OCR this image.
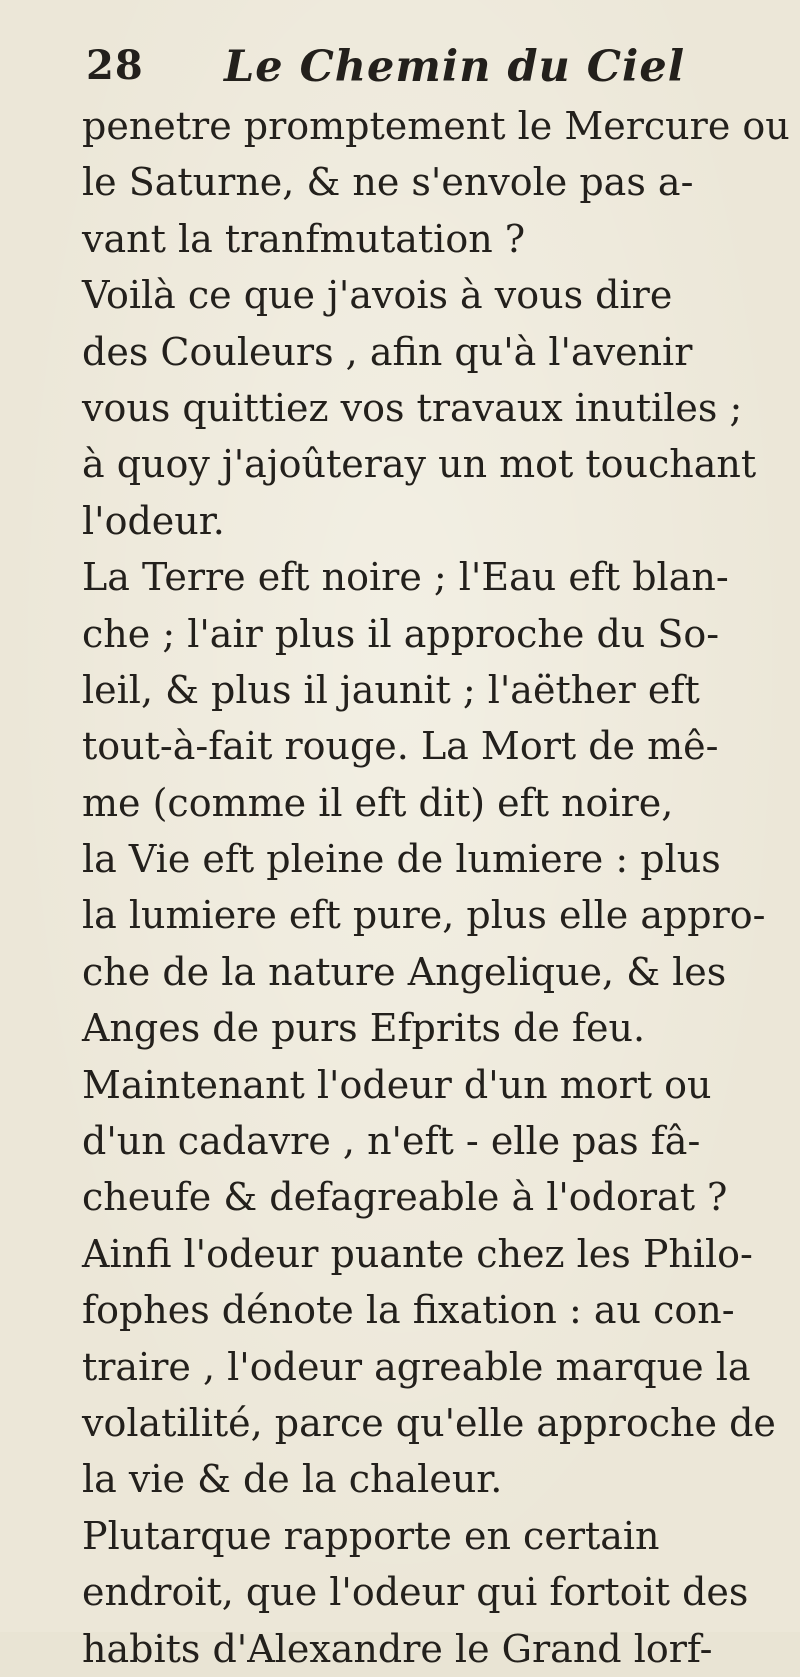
28 Le Chemin du Ciel
penetre promptement le Mercure ou
le Saturne, & ne s'envole pas a-
vant la tranfmutation ?
Voilà ce que j'avois à vous dire
des Couleurs , afin qu'à l'avenir
vous quittiez vos travaux inutiles ;
à quoy j'ajoûteray un mot touchant
l'odeur.
La Terre eft noire ; l'Eau eft blan-
che ; l'air plus il approche du So-
leil, & plus il jaunit ; l'aëther eft
tout-à-fait rouge. La Mort de mê-
me (comme il eft dit) eft noire,
la Vie eft pleine de lumiere : plus
la lumiere eft pure, plus elle appro-
che de la nature Angelique, & les
Anges de purs Efprits de feu.
Maintenant l'odeur d'un mort ou
d'un cadavre , n'eft - elle pas fâ-
cheufe & defagreable à l'odorat ?
Ainfi l'odeur puante chez les Philo-
fophes dénote la fixation : au con-
traire , l'odeur agreable marque la
volatilité, parce qu'elle approche de
la vie & de la chaleur.
Plutarque rapporte en certain
endroit, que l'odeur qui fortoit des
habits d'Alexandre le Grand lorf-
